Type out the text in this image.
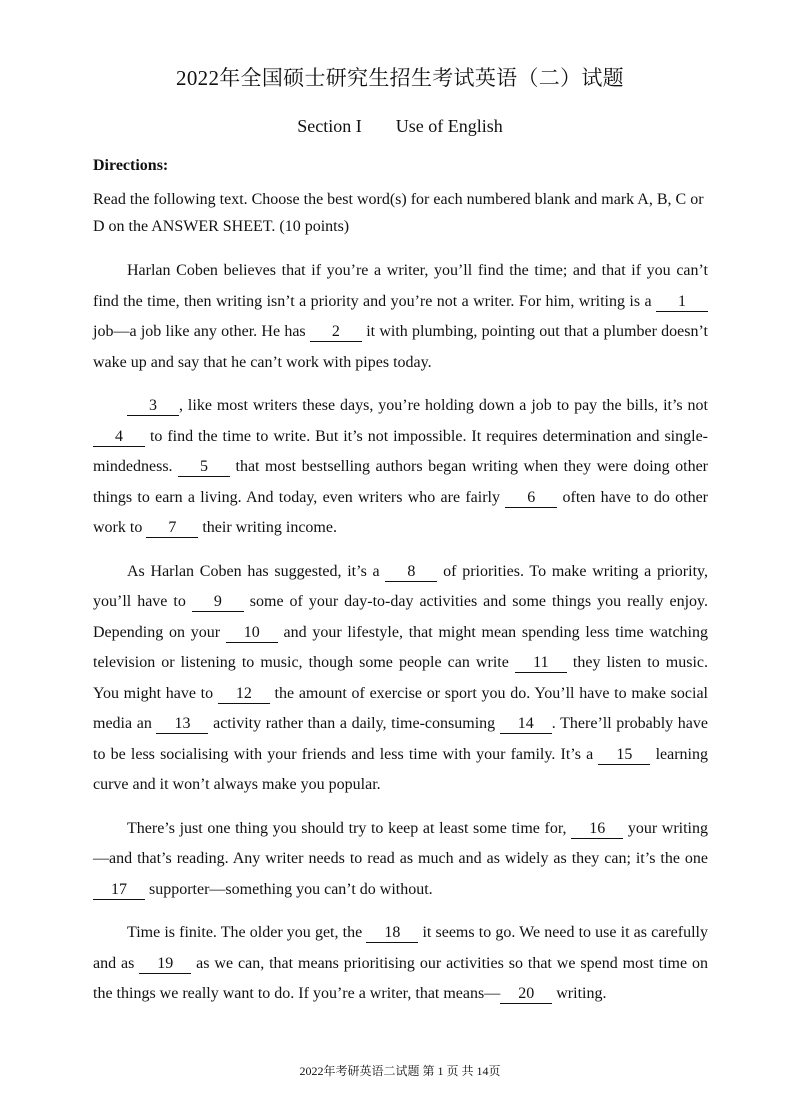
2022年全国硕士研究生招生考试英语（二）试题
Section I Use of English
Directions:
Read the following text. Choose the best word(s) for each numbered blank and mark A, B, C or D on the ANSWER SHEET. (10 points)

Harlan Coben believes that if you’re a writer, you’ll find the time; and that if you can’t find the time, then writing isn’t a priority and you’re not a writer. For him, writing is a 1 job—a job like any other. He has 2 it with plumbing, pointing out that a plumber doesn’t wake up and say that he can’t work with pipes today.

3 , like most writers these days, you’re holding down a job to pay the bills, it’s not 4 to find the time to write. But it’s not impossible. It requires determination and single-mindedness. 5 that most bestselling authors began writing when they were doing other things to earn a living. And today, even writers who are fairly 6 often have to do other work to 7 their writing income.

As Harlan Coben has suggested, it’s a 8 of priorities. To make writing a priority, you’ll have to 9 some of your day-to-day activities and some things you really enjoy. Depending on your 10 and your lifestyle, that might mean spending less time watching television or listening to music, though some people can write 11 they listen to music. You might have to 12 the amount of exercise or sport you do. You’ll have to make social media an 13 activity rather than a daily, time-consuming 14 . There’ll probably have to be less socialising with your friends and less time with your family. It’s a 15 learning curve and it won’t always make you popular.

There’s just one thing you should try to keep at least some time for, 16 your writing—and that’s reading. Any writer needs to read as much and as widely as they can; it’s the one 17 supporter—something you can’t do without.

Time is finite. The older you get, the 18 it seems to go. We need to use it as carefully and as 19 as we can, that means prioritising our activities so that we spend most time on the things we really want to do. If you’re a writer, that means— 20 writing.

2022年考研英语二试题 第 1 页 共 14页
